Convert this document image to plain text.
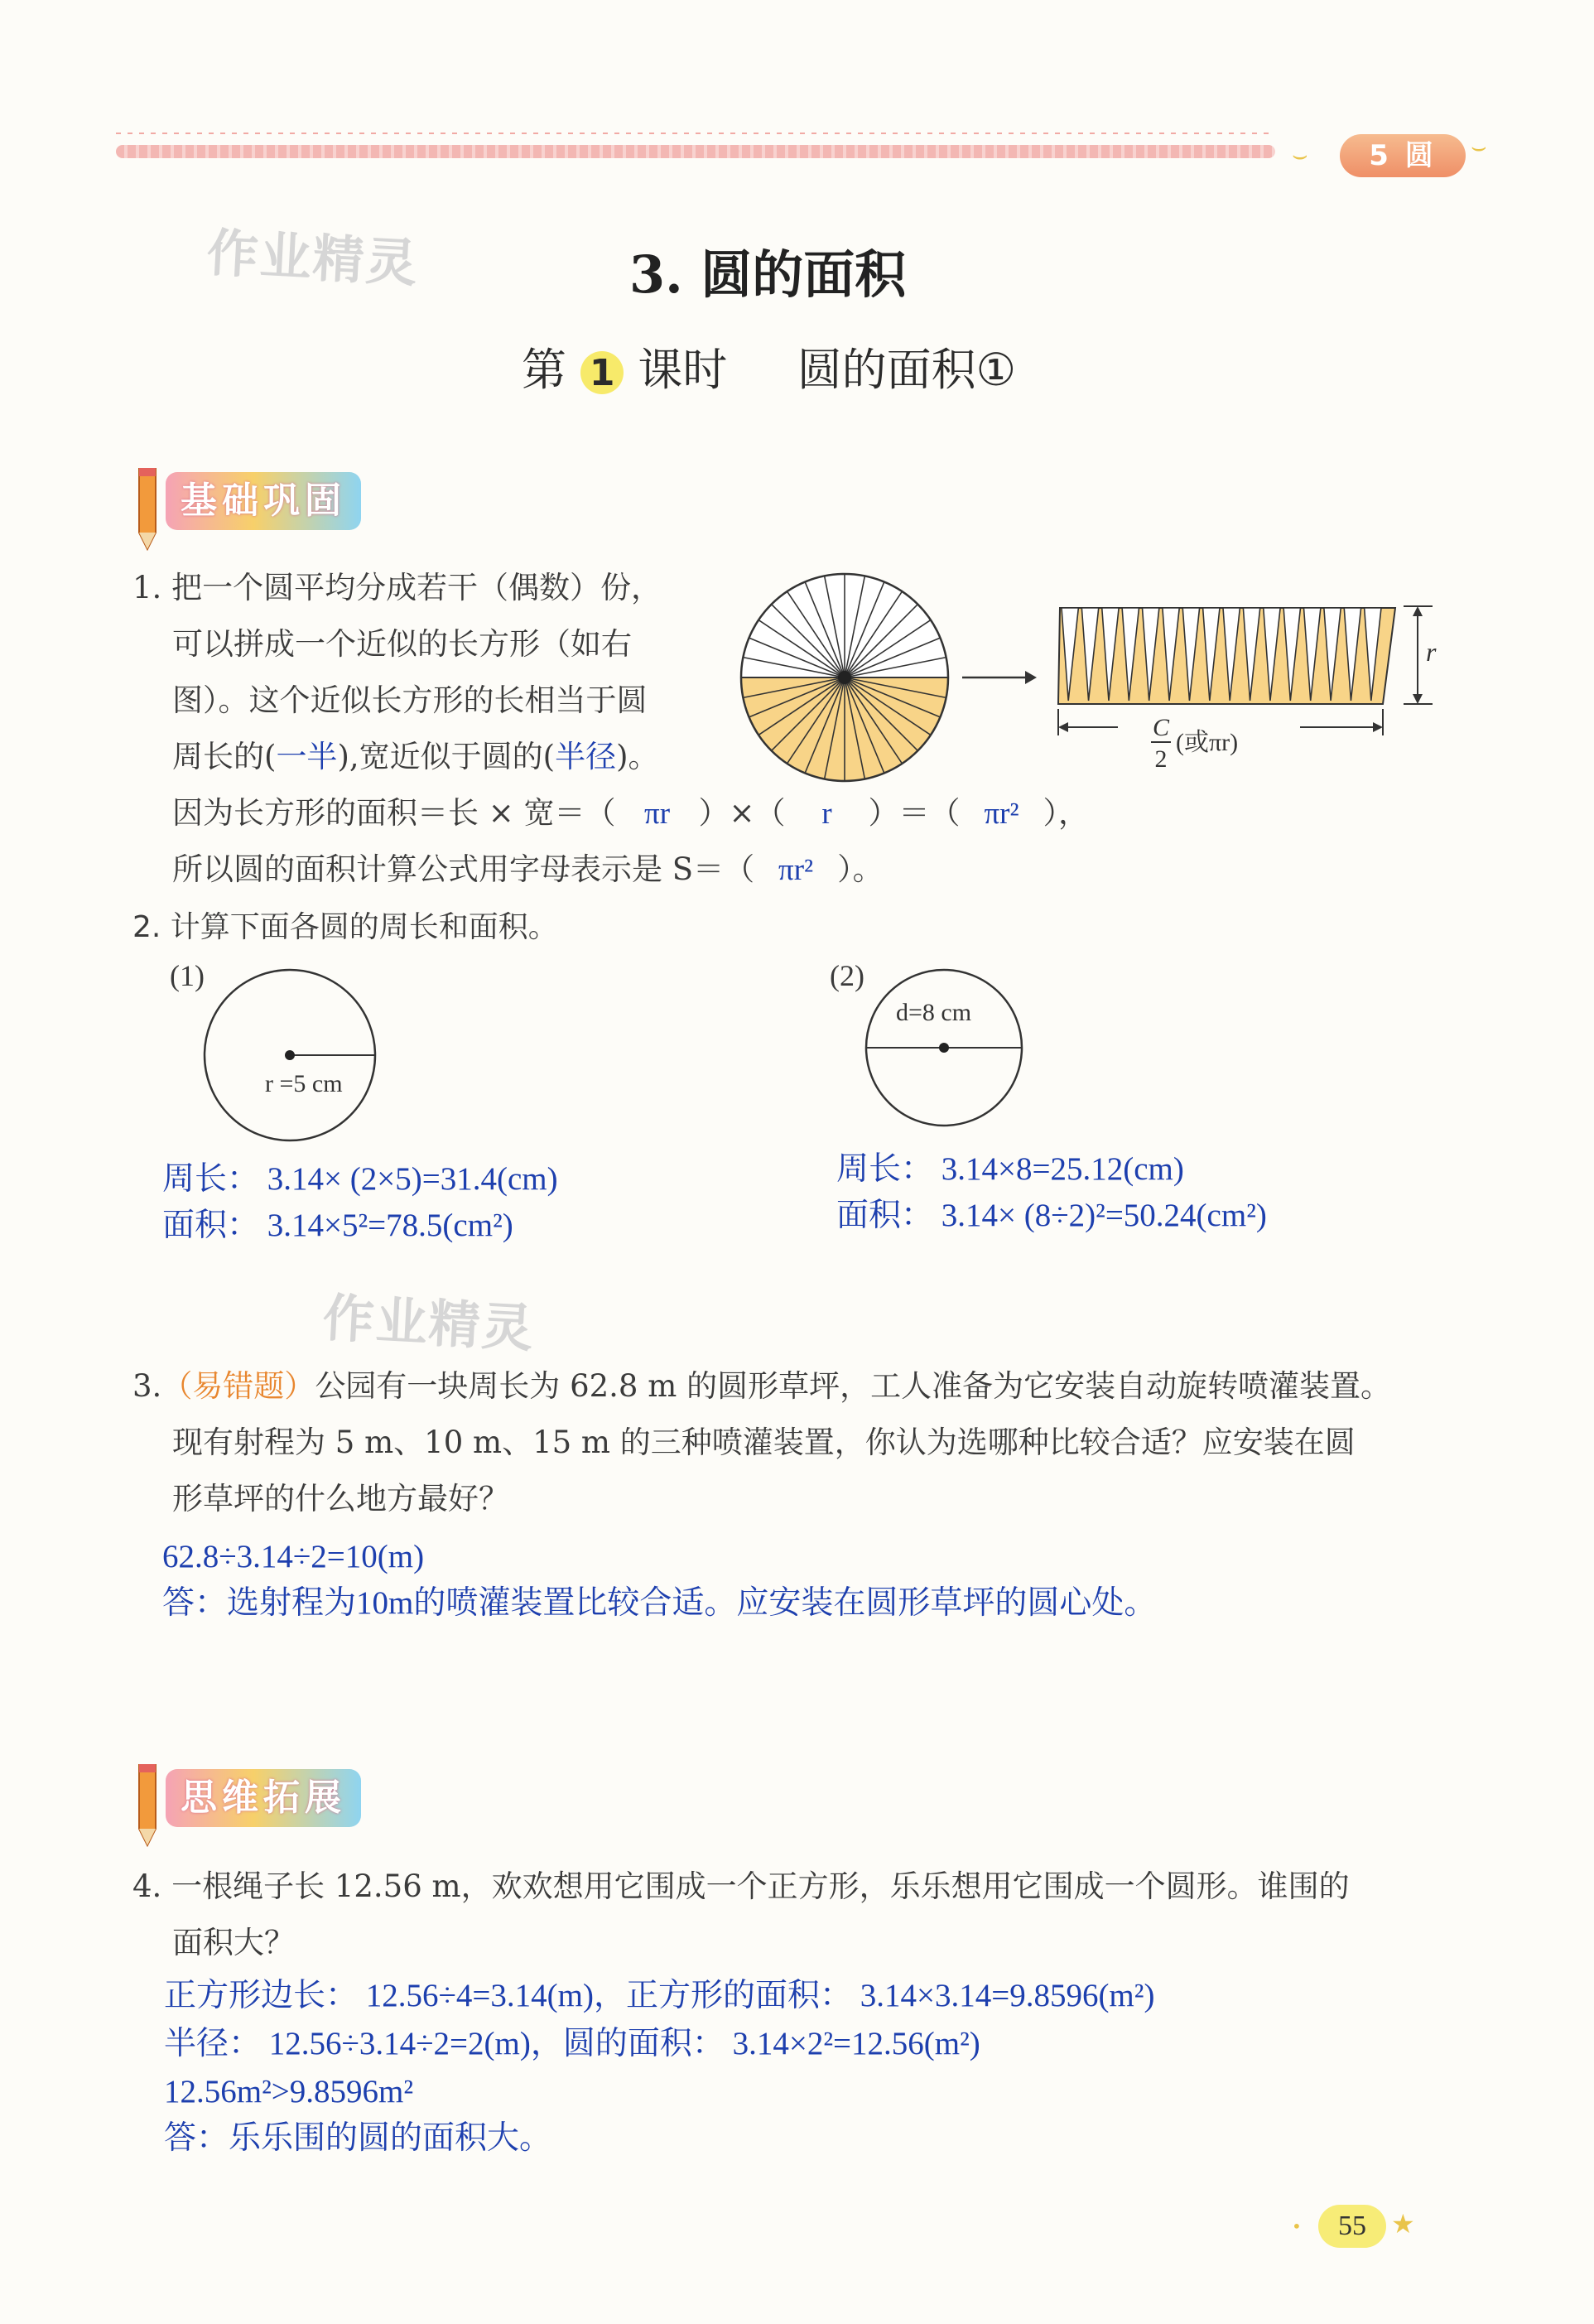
⌣	5 圆	⌣
作业精灵
作业精灵
3. 圆的面积
第 1 课时 圆的面积①
基础巩固
1. 把一个圆平均分成若干（偶数）份，
可以拼成一个近似的长方形（如右
图）。这个近似长方形的长相当于圆
周长的(一半),宽近似于圆的(半径)。
因为长方形的面积＝长 × 宽＝（ πr ）×（ r ）＝（ πr² ），
所以圆的面积计算公式用字母表示是 S＝（ πr² ）。
r
C
2
(或πr)
2. 计算下面各圆的周长和面积。
(1)	(2)
r =5 cm
d=8 cm
周长： 3.14× (2×5)=31.4(cm)
面积： 3.14×5²=78.5(cm²)
周长： 3.14×8=25.12(cm)
面积： 3.14× (8÷2)²=50.24(cm²)
3.（易错题）公园有一块周长为 62.8 m 的圆形草坪，工人准备为它安装自动旋转喷灌装置。
现有射程为 5 m、10 m、15 m 的三种喷灌装置，你认为选哪种比较合适？应安装在圆
形草坪的什么地方最好？
62.8÷3.14÷2=10(m)
答：选射程为10m的喷灌装置比较合适。应安装在圆形草坪的圆心处。
思维拓展
4. 一根绳子长 12.56 m，欢欢想用它围成一个正方形，乐乐想用它围成一个圆形。谁围的
面积大？
正方形边长： 12.56÷4=3.14(m)，正方形的面积： 3.14×3.14=9.8596(m²)
半径： 12.56÷3.14÷2=2(m)，圆的面积： 3.14×2²=12.56(m²)
12.56m²>9.8596m²
答：乐乐围的圆的面积大。
•	55 ★
